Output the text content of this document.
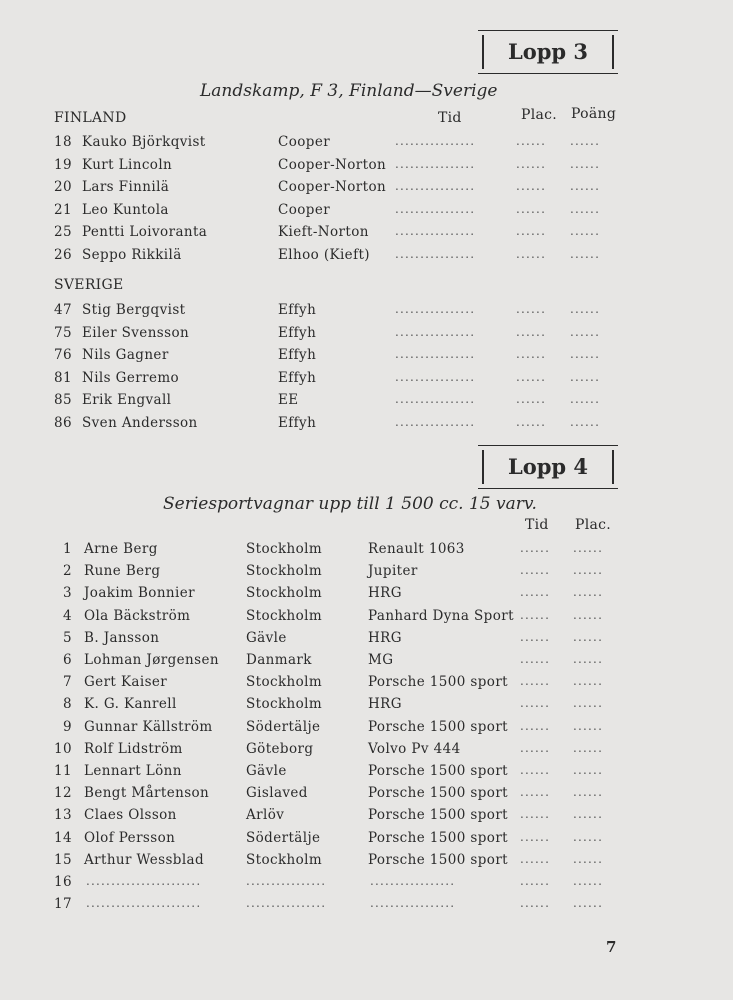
Lopp 3
Landskamp, F 3, Finland—Sverige
FINLAND	Tid	Plac. Poäng
18 Kauko Björkqvist	Cooper	................	...... ......
19 Kurt Lincoln	Cooper-Norton ................	...... ......
20 Lars Finnilä	Cooper-Norton ................	...... ......
21 Leo Kuntola	Cooper	................	...... ......
25 Pentti Loivoranta	Kieft-Norton ................	...... ......
26 Seppo Rikkilä	Elhoo (Kieft) ................	...... ......
SVERIGE
47 Stig Bergqvist	Effyh	................	...... ......
75 Eiler Svensson	Effyh	................	...... ......
76 Nils Gagner	Effyh	................	...... ......
81 Nils Gerremo	Effyh	................	...... ......
85 Erik Engvall	EE	................	...... ......
86 Sven Andersson	Effyh	................	...... ......
Lopp 4
Seriesportvagnar upp till 1 500 cc. 15 varv.
Tid Plac.
1 Arne Berg	Stockholm	Renault 1063	...... ......
2 Rune Berg	Stockholm	Jupiter	...... ......
3 Joakim Bonnier	Stockholm	HRG	...... ......
4 Ola Bäckström	Stockholm	Panhard Dyna Sport ...... ......
5 B. Jansson	Gävle	HRG	...... ......
6 Lohman Jørgensen Danmark	MG	...... ......
7 Gert Kaiser	Stockholm	Porsche 1500 sport ...... ......
8 K. G. Kanrell	Stockholm	HRG	...... ......
9 Gunnar Källström Södertälje	Porsche 1500 sport ...... ......
10 Rolf Lidström	Göteborg	Volvo Pv 444	...... ......
11 Lennart Lönn	Gävle	Porsche 1500 sport ...... ......
12 Bengt Mårtenson	Gislaved	Porsche 1500 sport ...... ......
13 Claes Olsson	Arlöv	Porsche 1500 sport ...... ......
14 Olof Persson	Södertälje	Porsche 1500 sport ...... ......
15 Arthur Wessblad	Stockholm	Porsche 1500 sport ...... ......
16 .......................	................	.................	...... ......
17 .......................	................	.................	...... ......
7
